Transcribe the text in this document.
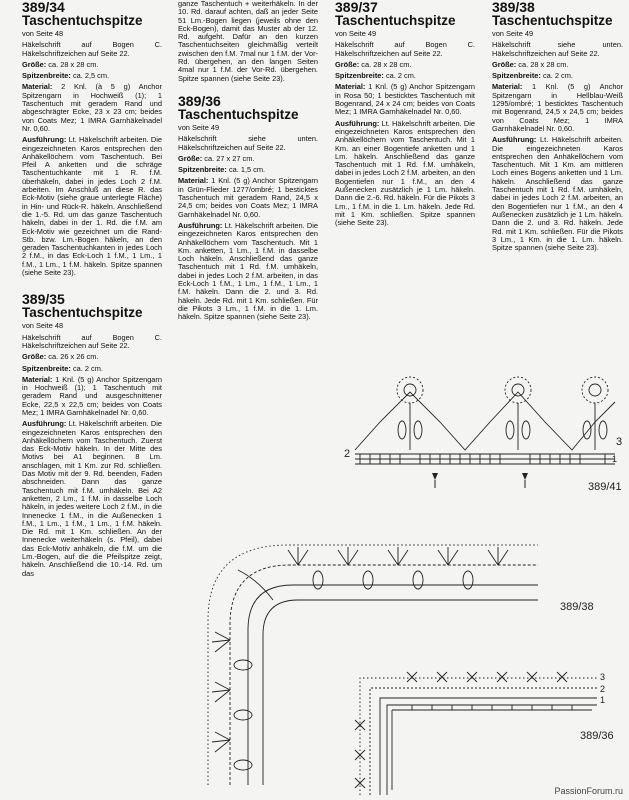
389/34
Taschentuchspitze
von Seite 48

Häkelschrift auf Bogen C. Häkelschriftzeichen auf Seite 22.

Größe: ca. 28 x 28 cm.

Spitzenbreite: ca. 2,5 cm.

Material: 2 Knl. (à 5 g) Anchor Spitzengarn in Hochweiß (1); 1 Taschentuch mit geradem Rand und abgeschrägter Ecke, 23 x 23 cm; beides von Coats Mez; 1 IMRA Garnhäkelnadel Nr. 0,60.

Ausführung: Lt. Häkelschrift arbeiten. Die eingezeichneten Karos entsprechen den Anhäkellöchern vom Taschentuch. Bei Pfeil A anketten und die schräge Taschentuchkante mit 1 R. f.M. überhäkeln, dabei in jedes Loch 2 f.M. arbeiten. Im Anschluß an diese R. das Eck-Motiv (siehe graue unterlegte Fläche) in Hin- und Rück-R. häkeln. Anschließend die 1.-5. Rd. um das ganze Taschentuch häkeln, dabei in der 1. Rd. die f.M. am Eck-Motiv wie gezeichnet um die Rand-Stb. bzw. Lm.-Bogen häkeln, an den geraden Taschentuchkanten in jedes Loch 2 f.M., in das Eck-Loch 1 f.M., 1 Lm., 1 f.M., 1 Lm., 1 f.M. häkeln. Spitze spannen (siehe Seite 23).

389/35
Taschentuchspitze
von Seite 48

Häkelschrift auf Bogen C. Häkelschriftzeichen auf Seite 22.

Größe: ca. 26 x 26 cm.

Spitzenbreite: ca. 2 cm.

Material: 1 Knl. (5 g) Anchor Spitzengarn in Hochweiß (1); 1 Taschentuch mit geradem Rand und ausgeschnittener Ecke, 22,5 x 22,5 cm; beides von Coats Mez; 1 IMRA Garnhäkelnadel Nr. 0,60.

Ausführung: Lt. Häkelschrift arbeiten. Die eingezeichneten Karos entsprechen den Anhäkellöchern vom Taschentuch. Zuerst das Eck-Motiv häkeln. In der Mitte des Motivs bei A1 beginnen. 8 Lm. anschlagen, mit 1 Km. zur Rd. schließen. Das Motiv mit der 9. Rd. beenden, Faden abschneiden. Dann das ganze Taschentuch mit f.M. umhäkeln. Bei A2 anketten, 2 Lm., 1 f.M. in dasselbe Loch häkeln, in jedes weitere Loch 2 f.M., in die Innenecke 1 f.M., in die Außenecken 1 f.M., 1 Lm., 1 f.M., 1 Lm., 1 f.M. häkeln. Die Rd. mit 1 Km. schließen. An der Innenecke weiterhäkeln (s. Pfeil), dabei das Eck-Motiv anhäkeln, die f.M. um die Lm.-Bogen, auf die die Pfeilspitze zeigt, häkeln. Anschließend die 10.-14. Rd. um das

ganze Taschentuch + weiterhäkeln. In der 10. Rd. darauf achten, daß an jeder Seite 51 Lm.-Bogen liegen (jeweils ohne den Eck-Bogen), damit das Muster ab der 12. Rd. aufgeht. Dafür an den kurzen Taschentuchseiten gleichmäßig verteilt zwischen den f.M. 7mal nur 1 f.M. der Vor-Rd. übergehen, an den langen Seiten 4mal nur 1 f.M. der Vor-Rd. übergehen. Spitze spannen (siehe Seite 23).

389/36
Taschentuchspitze
von Seite 49

Häkelschrift siehe unten. Häkelschriftzeichen auf Seite 22.

Größe: ca. 27 x 27 cm.

Spitzenbreite: ca. 1,5 cm.

Material: 1 Knl. (5 g) Anchor Spitzengarn in Grün-Flieder 1277/ombré; 1 besticktes Taschentuch mit geradem Rand, 24,5 x 24,5 cm; beides von Coats Mez; 1 IMRA Garnhäkelnadel Nr. 0,60.

Ausführung: Lt. Häkelschrift arbeiten. Die eingezeichneten Karos entsprechen den Anhäkellöchern vom Taschentuch. Mit 1 Km. anketten, 1 Lm., 1 f.M. in dasselbe Loch häkeln. Anschließend das ganze Taschentuch mit 1 Rd. f.M. umhäkeln, dabei in jedes Loch 2 f.M. arbeiten, in das Eck-Loch 1 f.M., 1 Lm., 1 f.M., 1 Lm., 1 f.M. häkeln. Dann die 2. und 3. Rd. häkeln. Jede Rd. mit 1 Km. schließen. Für die Pikots 3 Lm., 1 f.M. in die 1. Lm. häkeln. Spitze spannen (siehe Seite 23).

389/37
Taschentuchspitze
von Seite 49

Häkelschrift auf Bogen C. Häkelschriftzeichen auf Seite 22.

Größe: ca. 28 x 28 cm.

Spitzenbreite: ca. 2 cm.

Material: 1 Knl. (5 g) Anchor Spitzengarn in Rosa 50; 1 besticktes Taschentuch mit Bogenrand, 24 x 24 cm; beides von Coats Mez; 1 IMRA Garnhäkelnadel Nr. 0,60.

Ausführung: Lt. Häkelschrift arbeiten. Die eingezeichneten Karos entsprechen den Anhäkellöchern vom Taschentuch. Mit 1 Km. an einer Bogentiefe anketten und 1 Lm. häkeln. Anschließend das ganze Taschentuch mit 1 Rd. f.M. umhäkeln, dabei in jedes Loch 2 f.M. arbeiten, an den Bogentiefen nur 1 f.M., an den 4 Außenecken zusätzlich je 1 Lm. häkeln. Dann die 2.-6. Rd. häkeln. Für die Pikots 3 Lm., 1 f.M. in die 1. Lm. häkeln. Jede Rd. mit 1 Km. schließen. Spitze spannen (siehe Seite 23).

389/38
Taschentuchspitze
von Seite 49

Häkelschrift siehe unten. Häkelschriftzeichen auf Seite 22.

Größe: ca. 28 x 28 cm.

Spitzenbreite: ca. 2 cm.

Material: 1 Knl. (5 g) Anchor Spitzengarn in Hellblau-Weiß 1295/ombré; 1 besticktes Taschentuch mit Bogenrand, 24,5 x 24,5 cm; beides von Coats Mez; 1 IMRA Garnhäkelnadel Nr. 0,60.

Ausführung: Lt. Häkelschrift arbeiten. Die eingezeichneten Karos entsprechen den Anhäkellöchern vom Taschentuch. Mit 1 Km. am mittleren Loch eines Bogens anketten und 1 Lm. häkeln. Anschließend das ganze Taschentuch mit 1 Rd. f.M. umhäkeln, dabei in jedes Loch 2 f.M. arbeiten, an den Bogentiefen nur 1 f.M., an den 4 Außenecken zusätzlich je 1 Lm. häkeln. Dann die 2. und 3. Rd. häkeln. Jede Rd. mit 1 Km. schließen. Für die Pikots 3 Lm., 1 Km. in die 1. Lm. häkeln. Spitze spannen (siehe Seite 23).

2	1
3
389/41
389/38
3
2
1
389/36
PassionForum.ru
